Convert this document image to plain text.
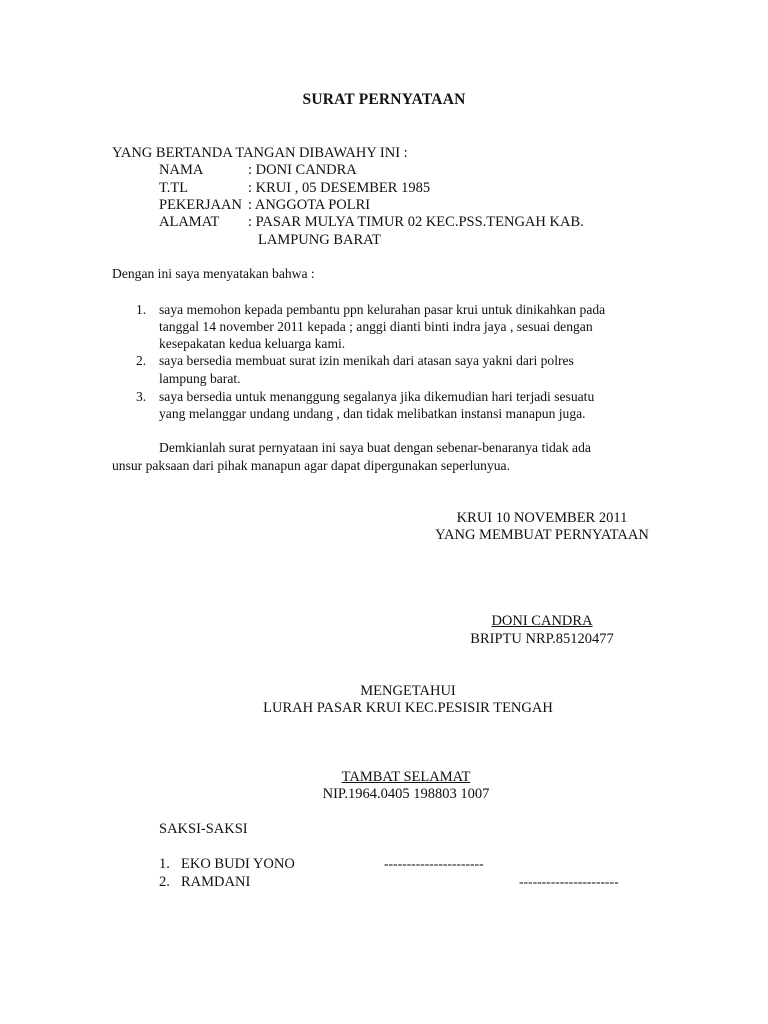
SURAT PERNYATAAN
YANG BERTANDA TANGAN DIBAWAHY INI :
NAMA	: DONI CANDRA
T.TL	: KRUI , 05 DESEMBER 1985
PEKERJAAN : ANGGOTA POLRI
ALAMAT : PASAR MULYA TIMUR 02 KEC.PSS.TENGAH KAB.
LAMPUNG BARAT
Dengan ini saya menyatakan bahwa :
1. saya memohon kepada pembantu ppn kelurahan pasar krui untuk dinikahkan pada
tanggal 14 november 2011 kepada ; anggi dianti binti indra jaya , sesuai dengan
kesepakatan kedua keluarga kami.
2. saya bersedia membuat surat izin menikah dari atasan saya yakni dari polres
lampung barat.
3. saya bersedia untuk menanggung segalanya jika dikemudian hari terjadi sesuatu
yang melanggar undang undang , dan tidak melibatkan instansi manapun juga.
Demkianlah surat pernyataan ini saya buat dengan sebenar-benaranya tidak ada
unsur paksaan dari pihak manapun agar dapat dipergunakan seperlunyua.
KRUI 10 NOVEMBER 2011
YANG MEMBUAT PERNYATAAN
DONI CANDRA
BRIPTU NRP.85120477
MENGETAHUI
LURAH PASAR KRUI KEC.PESISIR TENGAH
TAMBAT SELAMAT
NIP.1964.0405 198803 1007
SAKSI-SAKSI
1. EKO BUDI YONO	----------------------
2. RAMDANI	----------------------
